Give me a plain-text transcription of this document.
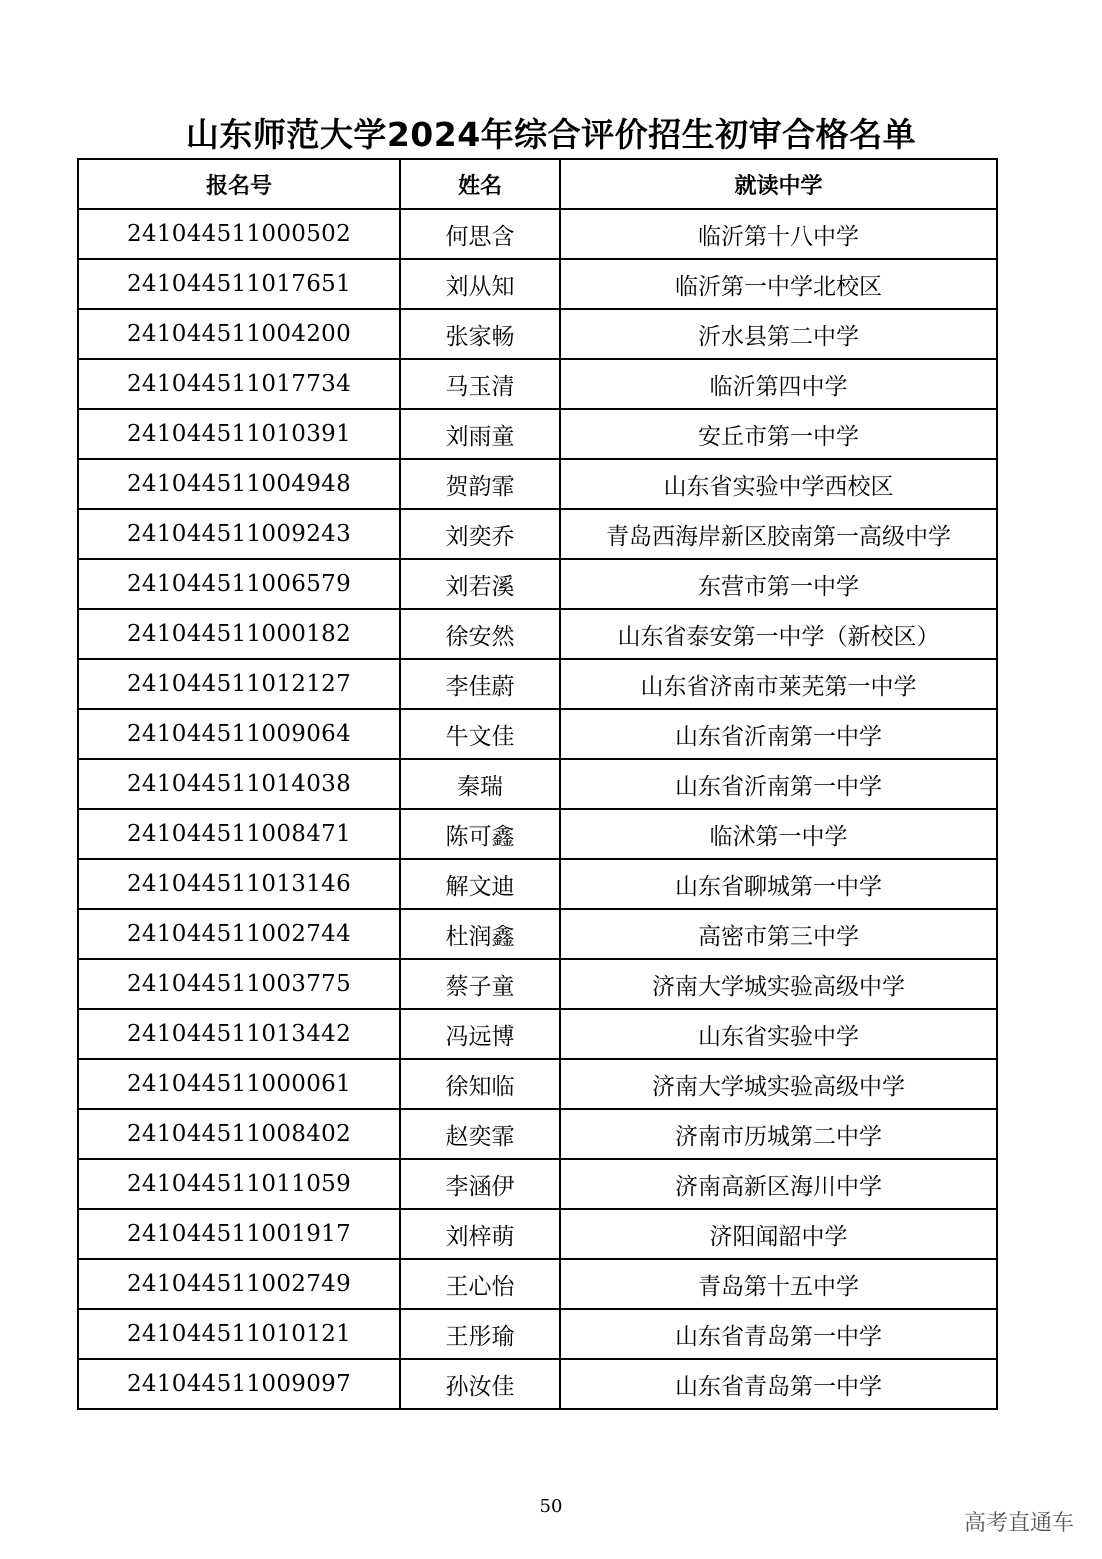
山东师范大学2024年综合评价招生初审合格名单
报名号	姓名	就读中学
241044511000502	何思含	临沂第十八中学
241044511017651	刘从知	临沂第一中学北校区
241044511004200	张家畅	沂水县第二中学
241044511017734	马玉清	临沂第四中学
241044511010391	刘雨童	安丘市第一中学
241044511004948	贺韵霏	山东省实验中学西校区
241044511009243	刘奕乔	青岛西海岸新区胶南第一高级中学
241044511006579	刘若溪	东营市第一中学
241044511000182	徐安然	山东省泰安第一中学（新校区）
241044511012127	李佳蔚	山东省济南市莱芜第一中学
241044511009064	牛文佳	山东省沂南第一中学
241044511014038	秦瑞	山东省沂南第一中学
241044511008471	陈可鑫	临沭第一中学
241044511013146	解文迪	山东省聊城第一中学
241044511002744	杜润鑫	高密市第三中学
241044511003775	蔡子童	济南大学城实验高级中学
241044511013442	冯远博	山东省实验中学
241044511000061	徐知临	济南大学城实验高级中学
241044511008402	赵奕霏	济南市历城第二中学
241044511011059	李涵伊	济南高新区海川中学
241044511001917	刘梓萌	济阳闻韶中学
241044511002749	王心怡	青岛第十五中学
241044511010121	王彤瑜	山东省青岛第一中学
241044511009097	孙汝佳	山东省青岛第一中学
50
高考直通车
